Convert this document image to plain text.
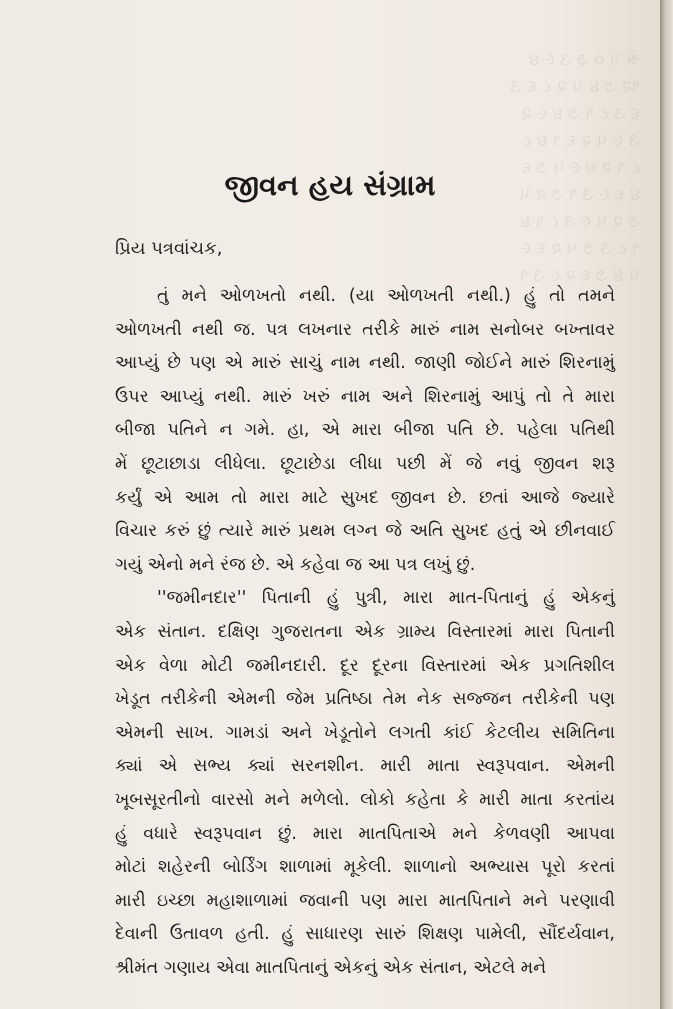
શ્રે ૫ ૦ ૭ ૩ ૯ ૪
૧૨ ૭ ૪ ૫ ૨ ૮ ૬ ૩
૬ ૩ ૮ ૧ ૭ ૪ ૯ ૨
૩ ૯ ૫ ૨ ૬ ૧ ૪ ૮
૮ ૧ ૨ ૪ ૯ ૫ ૭ ૬
૪ ૬ ૯ ૩ ૧ ૭ ૨ ૫
૭ ૨ ૫ ૯ ૩ ૮ ૧ ૪
૧ ૮ ૩ ૭ ૫ ૨ ૬ ૯
૫ ૪ ૭ ૬ ૨ ૯ ૩ ૧

જીવન હય સંગ્રામ
પ્રિય પત્રવાંચક,
તું મને ઓળખતો નથી. (યા ઓળખતી નથી.) હું તો તમને
ઓળખતી નથી જ. પત્ર લખનાર તરીકે મારું નામ સનોબર બખ્તાવર
આપ્યું છે પણ એ મારું સાચું નામ નથી. જાણી જોઈને મારું શિરનામું
ઉપર આપ્યું નથી. મારું ખરું નામ અને શિરનામું આપું તો તે મારા
બીજા પતિને ન ગમે. હા, એ મારા બીજા પતિ છે. પહેલા પતિથી
મેં છૂટાછાડા લીધેલા. છૂટાછેડા લીધા પછી મેં જે નવું જીવન શરૂ
કર્યું એ આમ તો મારા માટે સુખદ જીવન છે. છતાં આજે જ્યારે
વિચાર કરું છું ત્યારે મારું પ્રથમ લગ્ન જે અતિ સુખદ હતું એ છીનવાઈ
ગયું એનો મને રંજ છે. એ કહેવા જ આ પત્ર લખું છું.
''જમીનદાર'' પિતાની હું પુત્રી, મારા માત-પિતાનું હું એકનું
એક સંતાન. દક્ષિણ ગુજરાતના એક ગ્રામ્ય વિસ્તારમાં મારા પિતાની
એક વેળા મોટી જમીનદારી. દૂર દૂરના વિસ્તારમાં એક પ્રગતિશીલ
ખેડૂત તરીકેની એમની જેમ પ્રતિષ્ઠા તેમ નેક સજ્જન તરીકેની પણ
એમની સાખ. ગામડાં અને ખેડૂતોને લગતી કાંઈ કેટલીય સમિતિના
ક્યાં એ સભ્ય ક્યાં સરનશીન. મારી માતા સ્વરૂપવાન. એમની
ખૂબસૂરતીનો વારસો મને મળેલો. લોકો કહેતા કે મારી માતા કરતાંય
હું વધારે સ્વરૂપવાન છું. મારા માતપિતાએ મને કેળવણી આપવા
મોટાં શહેરની બોર્ડિંગ શાળામાં મૂકેલી. શાળાનો અભ્યાસ પૂરો કરતાં
મારી ઇચ્છા મહાશાળામાં જવાની પણ મારા માતપિતાને મને પરણાવી
દેવાની ઉતાવળ હતી. હું સાધારણ સારું શિક્ષણ પામેલી, સૌંદર્યવાન,
શ્રીમંત ગણાય એવા માતપિતાનું એકનું એક સંતાન, એટલે મને
